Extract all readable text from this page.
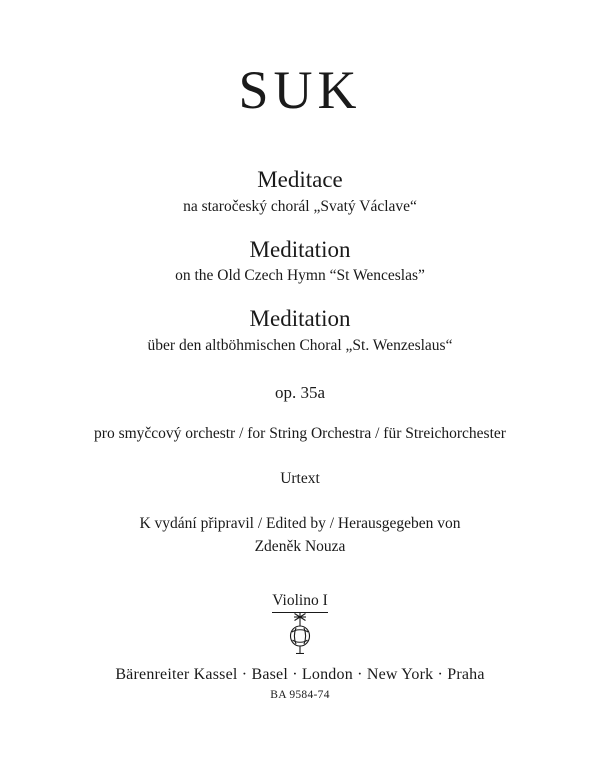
SUK
Meditace
na staročeský chorál „Svatý Václave“
Meditation
on the Old Czech Hymn “St Wenceslas”
Meditation
über den altböhmischen Choral „St. Wenzeslaus“
op. 35a
pro smyčcový orchestr / for String Orchestra / für Streichorchester
Urtext
K vydání připravil / Edited by / Herausgegeben von
Zdeněk Nouza
Violino I
Bärenreiter Kassel · Basel · London · New York · Praha
BA 9584-74
